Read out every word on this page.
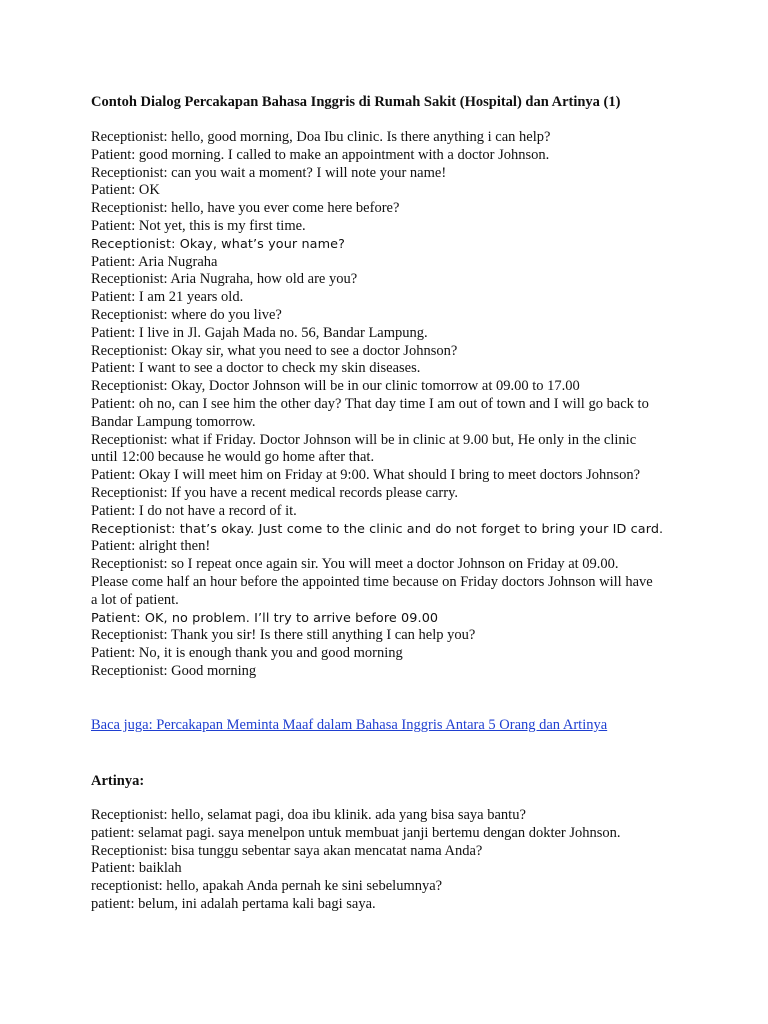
Contoh Dialog Percakapan Bahasa Inggris di Rumah Sakit (Hospital) dan Artinya (1)
Receptionist: hello, good morning, Doa Ibu clinic. Is there anything i can help?
Patient: good morning. I called to make an appointment with a doctor Johnson.
Receptionist: can you wait a moment? I will note your name!
Patient: OK
Receptionist: hello, have you ever come here before?
Patient: Not yet, this is my first time.
Receptionist: Okay, what’s your name?
Patient: Aria Nugraha
Receptionist: Aria Nugraha, how old are you?
Patient: I am 21 years old.
Receptionist: where do you live?
Patient: I live in Jl. Gajah Mada no. 56, Bandar Lampung.
Receptionist: Okay sir, what you need to see a doctor Johnson?
Patient: I want to see a doctor to check my skin diseases.
Receptionist: Okay, Doctor Johnson will be in our clinic tomorrow at 09.00 to 17.00
Patient: oh no, can I see him the other day? That day time I am out of town and I will go back to
Bandar Lampung tomorrow.
Receptionist: what if Friday. Doctor Johnson will be in clinic at 9.00 but, He only in the clinic
until 12:00 because he would go home after that.
Patient: Okay I will meet him on Friday at 9:00. What should I bring to meet doctors Johnson?
Receptionist: If you have a recent medical records please carry.
Patient: I do not have a record of it.
Receptionist: that’s okay. Just come to the clinic and do not forget to bring your ID card.
Patient: alright then!
Receptionist: so I repeat once again sir. You will meet a doctor Johnson on Friday at 09.00.
Please come half an hour before the appointed time because on Friday doctors Johnson will have
a lot of patient.
Patient: OK, no problem. I’ll try to arrive before 09.00
Receptionist: Thank you sir! Is there still anything I can help you?
Patient: No, it is enough thank you and good morning
Receptionist: Good morning
Baca juga: Percakapan Meminta Maaf dalam Bahasa Inggris Antara 5 Orang dan Artinya
Artinya:
Receptionist: hello, selamat pagi, doa ibu klinik. ada yang bisa saya bantu?
patient: selamat pagi. saya menelpon untuk membuat janji bertemu dengan dokter Johnson.
Receptionist: bisa tunggu sebentar saya akan mencatat nama Anda?
Patient: baiklah
receptionist: hello, apakah Anda pernah ke sini sebelumnya?
patient: belum, ini adalah pertama kali bagi saya.
